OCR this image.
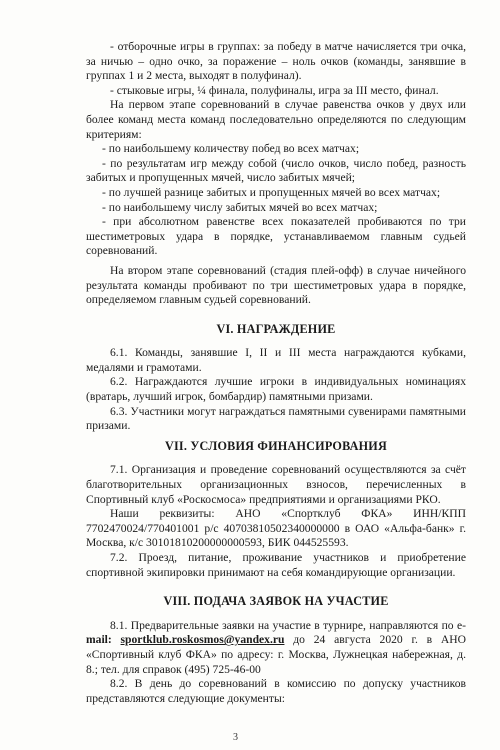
- отборочные игры в группах: за победу в матче начисляется три очка, за ничью – одно очко, за поражение – ноль очков (команды, занявшие в группах 1 и 2 места, выходят в полуфинал).

- стыковые игры, ¼ финала, полуфиналы, игра за III место, финал.

На первом этапе соревнований в случае равенства очков у двух или более команд места команд последовательно определяются по следующим критериям:

- по наибольшему количеству побед во всех матчах;

- по результатам игр между собой (число очков, число побед, разность забитых и пропущенных мячей, число забитых мячей;

- по лучшей разнице забитых и пропущенных мячей во всех матчах;

- по наибольшему числу забитых мячей во всех матчах;

- при абсолютном равенстве всех показателей пробиваются по три шестиметровых удара в порядке, устанавливаемом главным судьей соревнований.

На втором этапе соревнований (стадия плей-офф) в случае ничейного результата команды пробивают по три шестиметровых удара в порядке, определяемом главным судьей соревнований.

VI. НАГРАЖДЕНИЕ

6.1. Команды, занявшие I, II и III места награждаются кубками, медалями и грамотами.

6.2. Награждаются лучшие игроки в индивидуальных номинациях (вратарь, лучший игрок, бомбардир) памятными призами.

6.3. Участники могут награждаться памятными сувенирами памятными призами.

VII. УСЛОВИЯ ФИНАНСИРОВАНИЯ

7.1. Организация и проведение соревнований осуществляются за счёт благотворительных организационных взносов, перечисленных в Спортивный клуб «Роскосмоса» предприятиями и организациями РКО.

Наши реквизиты: АНО «Спортклуб ФКА» ИНН/КПП 7702470024/770401001 р/с 40703810502340000000 в ОАО «Альфа-банк» г. Москва, к/с 30101810200000000593, БИК 044525593.

7.2. Проезд, питание, проживание участников и приобретение спортивной экипировки принимают на себя командирующие организации.

VIII. ПОДАЧА ЗАЯВОК НА УЧАСТИЕ

8.1. Предварительные заявки на участие в турнире, направляются по e- mail: sportklub.roskosmos@yandex.ru до 24 августа 2020 г. в АНО «Спортивный клуб ФКА» по адресу: г. Москва, Лужнецкая набережная, д. 8.; тел. для справок (495) 725-46-00

8.2. В день до соревнований в комиссию по допуску участников представляются следующие документы:

3
